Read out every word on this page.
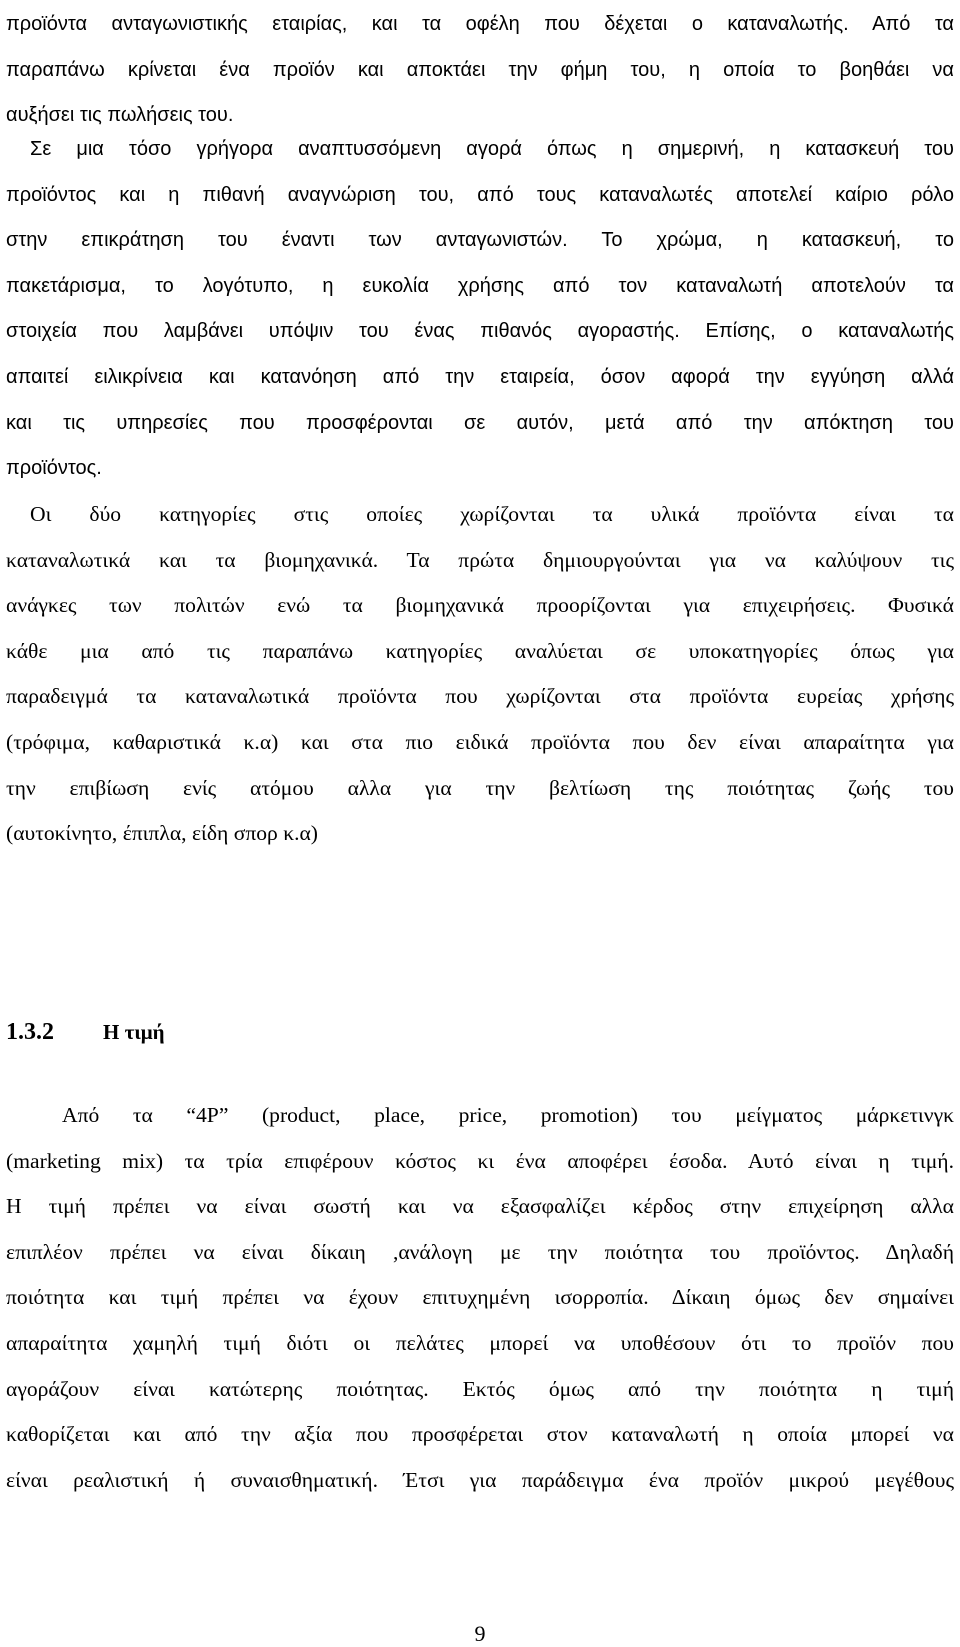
προϊόντα ανταγωνιστικής εταιρίας, και τα οφέλη που δέχεται ο καταναλωτής. Από τα
παραπάνω κρίνεται ένα προϊόν και αποκτάει την φήμη του, η οποία το βοηθάει να
αυξήσει τις πωλήσεις του.
Σε μια τόσο γρήγορα αναπτυσσόμενη αγορά όπως η σημερινή, η κατασκευή του
προϊόντος και η πιθανή αναγνώριση του, από τους καταναλωτές αποτελεί καίριο ρόλο
στην επικράτηση του έναντι των ανταγωνιστών. Το χρώμα, η κατασκευή, το
πακετάρισμα, το λογότυπο, η ευκολία χρήσης από τον καταναλωτή αποτελούν τα
στοιχεία που λαμβάνει υπόψιν του ένας πιθανός αγοραστής. Επίσης, ο καταναλωτής
απαιτεί ειλικρίνεια και κατανόηση από την εταιρεία, όσον αφορά την εγγύηση αλλά
και τις υπηρεσίες που προσφέρονται σε αυτόν, μετά από την απόκτηση του
προϊόντος.
Οι δύο κατηγορίες στις οποίες χωρίζονται τα υλικά προϊόντα είναι τα
καταναλωτικά και τα βιομηχανικά. Τα πρώτα δημιουργούνται για να καλύψουν τις
ανάγκες των πολιτών ενώ τα βιομηχανικά προορίζονται για επιχειρήσεις. Φυσικά
κάθε μια από τις παραπάνω κατηγορίες αναλύεται σε υποκατηγορίες όπως για
παραδειγμά τα καταναλωτικά προϊόντα που χωρίζονται στα προϊόντα ευρείας χρήσης
(τρόφιμα, καθαριστικά κ.α) και στα πιο ειδικά προϊόντα που δεν είναι απαραίτητα για
την επιβίωση ενίς ατόμου αλλα για την βελτίωση της ποιότητας ζωής του
(αυτοκίνητο, έπιπλα, είδη σπορ κ.α)
1.3.2 Η τιμή
Από τα “4P” (product, place, price, promotion) του μείγματος μάρκετινγκ
(marketing mix) τα τρία επιφέρουν κόστος κι ένα αποφέρει έσοδα. Αυτό είναι η τιμή.
Η τιμή πρέπει να είναι σωστή και να εξασφαλίζει κέρδος στην επιχείρηση αλλα
επιπλέον πρέπει να είναι δίκαιη ,ανάλογη με την ποιότητα του προϊόντος. Δηλαδή
ποιότητα και τιμή πρέπει να έχουν επιτυχημένη ισορροπία. Δίκαιη όμως δεν σημαίνει
απαραίτητα χαμηλή τιμή διότι οι πελάτες μπορεί να υποθέσουν ότι το προϊόν που
αγοράζουν είναι κατώτερης ποιότητας. Εκτός όμως από την ποιότητα η τιμή
καθορίζεται και από την αξία που προσφέρεται στον καταναλωτή η οποία μπορεί να
είναι ρεαλιστική ή συναισθηματική. Έτσι για παράδειγμα ένα προϊόν μικρού μεγέθους
9
